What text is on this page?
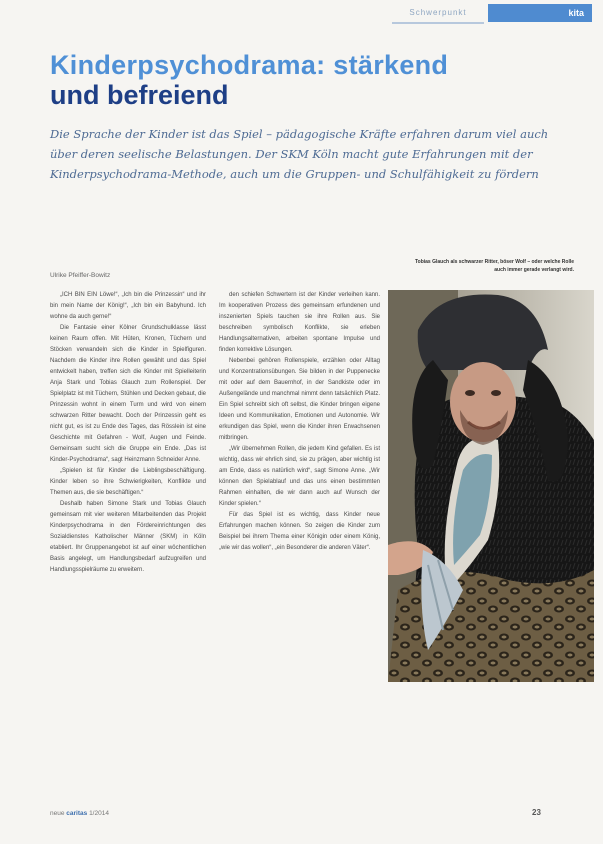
Schwerpunkt	kita
Kinderpsychodrama: stärkend
und befreiend
Die Sprache der Kinder ist das Spiel – pädagogische Kräfte erfahren darum viel auch über deren seelische Belastungen. Der SKM Köln macht gute Erfahrungen mit der Kinderpsychodrama-Methode, auch um die Gruppen- und Schulfähigkeit zu fördern
Tobias Glauch als schwarzer Ritter, böser Wolf – oder welche Rolle auch immer gerade verlangt wird.
Ulrike Pfeiffer-Bowitz

„ICH BIN EIN Löwe!“, „Ich bin die Prinzessin“ und ihr bin mein Name der König!“, „Ich bin ein Babyhund. Ich wohne da auch gerne!“

Die Fantasie einer Kölner Grundschulklasse lässt keinen Raum offen. Mit Hüten, Kronen, Tüchern und Stöcken verwandeln sich die Kinder in Spielfiguren. Nachdem die Kinder ihre Rollen gewählt und das Spiel entwickelt haben, treffen sich die Kinder mit Spielleiterin Anja Stark und Tobias Glauch zum Rollenspiel. Der Spielplatz ist mit Tüchern, Stühlen und Decken gebaut, die Prinzessin wohnt in einem Turm und wird von einem schwarzen Ritter bewacht. Doch der Prinzessin geht es nicht gut, es ist zu Ende des Tages, das Rösslein ist eine Geschichte mit Gefahren - Wolf, Augen und Feinde. Gemeinsam sucht sich die Gruppe ein Ende. „Das ist Kinder-Psychodrama“, sagt Heinzmann Schneider Anne.

„Spielen ist für Kinder die Lieblingsbeschäftigung. Kinder leben so ihre Schwierigkeiten, Konflikte und Themen aus, die sie beschäftigen.“

Deshalb haben Simone Stark und Tobias Glauch gemeinsam mit vier weiteren Mitarbeitenden das Projekt Kinderpsychodrama in den Fördereinrichtungen des Sozialdienstes Katholischer Männer (SKM) in Köln etabliert. Ihr Gruppenangebot ist auf einer wöchentlichen Basis angelegt, um Handlungsbedarf aufzugreifen und Handlungsspielräume zu erweitern.

den schiefen Schwertern ist der Kinder verleihen kann. Im kooperativen Prozess des gemeinsam erfundenen und inszenierten Spiels tauchen sie ihre Rollen aus. Sie beschreiben symbolisch Konflikte, sie erleben Handlungsalternativen, arbeiten spontane Impulse und finden korrektive Lösungen.

Nebenbei gehören Rollenspiele, erzählen oder Alltag und Konzentrationsübungen. Sie bilden in der Puppenecke mit oder auf dem Bauernhof, in der Sandkiste oder im Außengelände und manchmal nimmt denn tatsächlich Platz. Ein Spiel schreibt sich oft selbst, die Kinder bringen eigene Ideen und Kommunikation, Emotionen und Autonomie. Wir erkundigen das Spiel, wenn die Kinder ihren Erwachsenen mitbringen.

„Wir übernehmen Rollen, die jedem Kind gefallen. Es ist wichtig, dass wir ehrlich sind, sie zu prägen, aber wichtig ist am Ende, dass es natürlich wird“, sagt Simone Anne. „Wir können den Spielablauf und das uns einen bestimmten Rahmen einhalten, die wir dann auch auf Wunsch der Kinder spielen.“

Für das Spiel ist es wichtig, dass Kinder neue Erfahrungen machen können. So zeigen die Kinder zum Beispiel bei ihrem Thema einer Königin oder einem König, „wie wir das wollen“, „ein Besonderer die anderen Väter“.

neue caritas 1/2014	23
